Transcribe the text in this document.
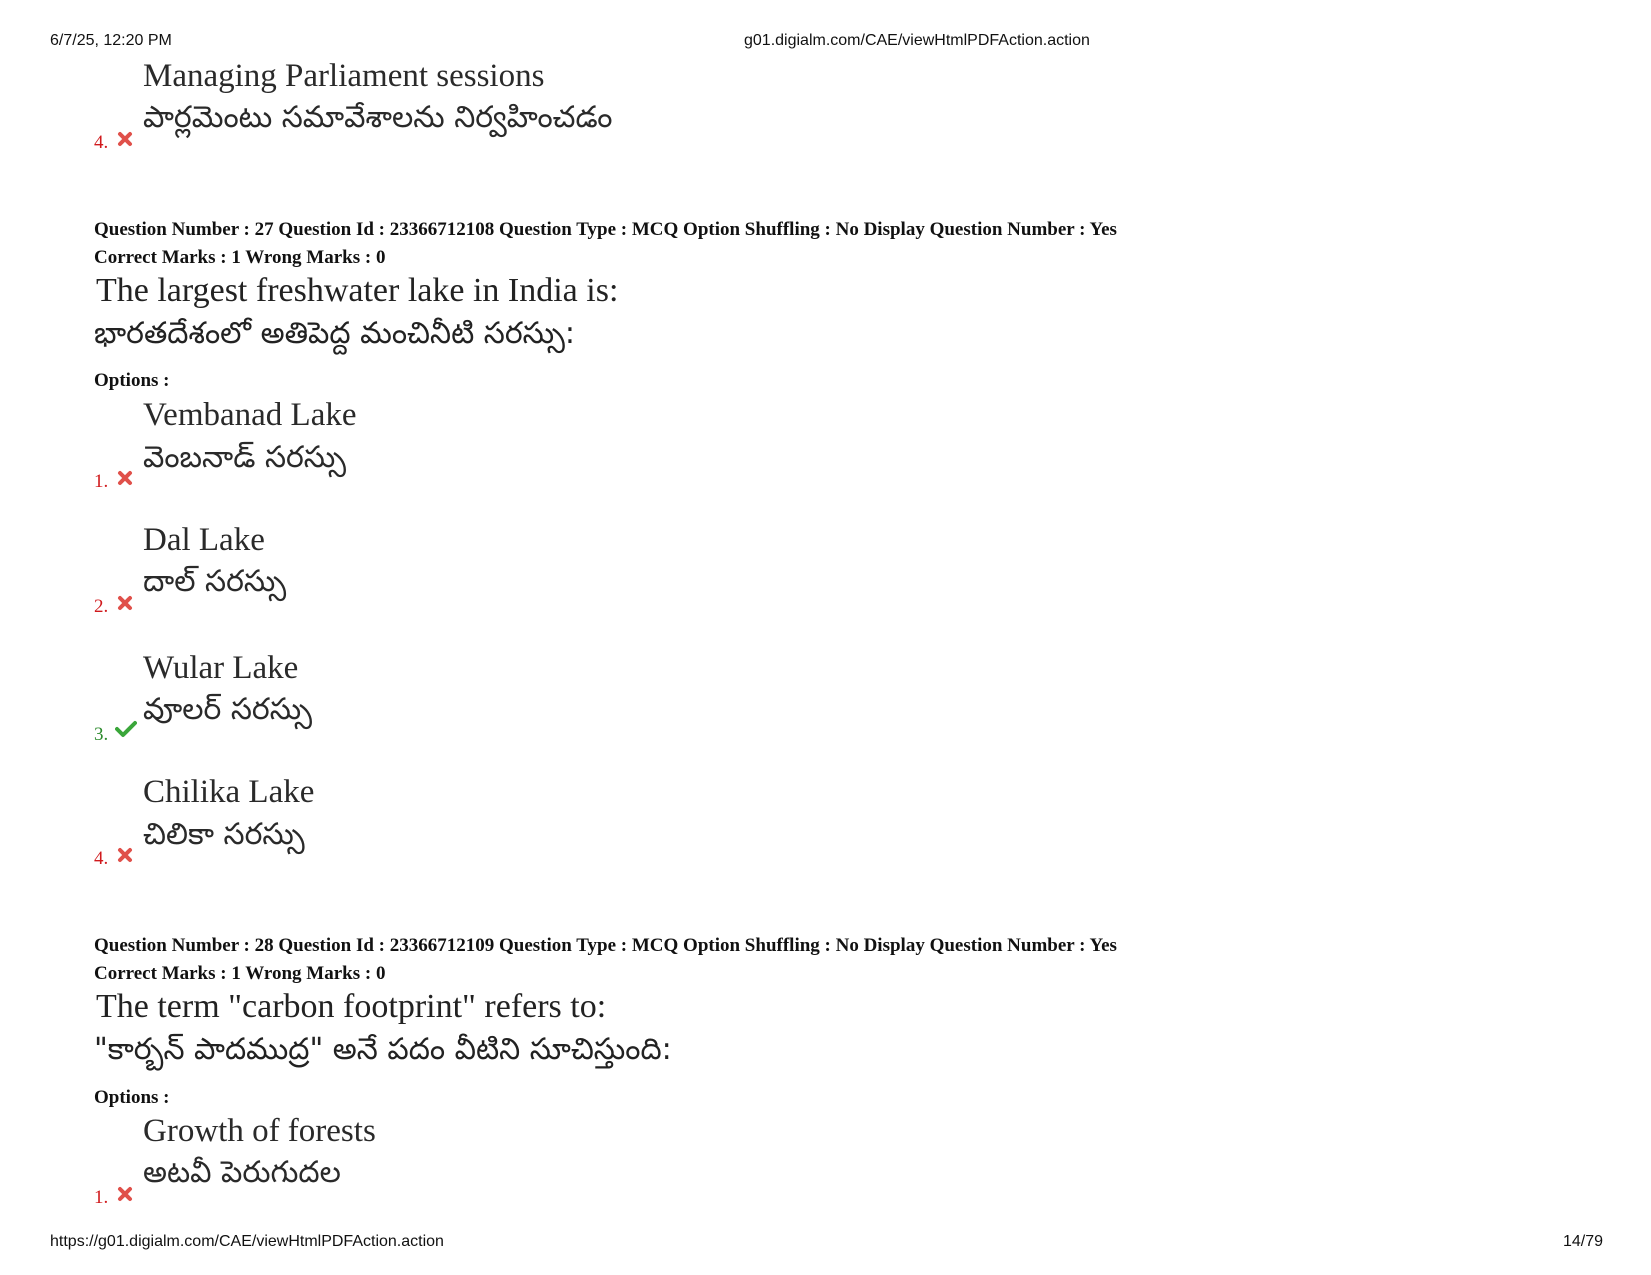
6/7/25, 12:20 PM	g01.digialm.com/CAE/viewHtmlPDFAction.action
Managing Parliament sessions
పార్లమెంటు సమావేశాలను నిర్వహించడం
4.
Question Number : 27 Question Id : 23366712108 Question Type : MCQ Option Shuffling : No Display Question Number : Yes
Correct Marks : 1 Wrong Marks : 0
The largest freshwater lake in India is:
భారతదేశంలో అతిపెద్ద మంచినీటి సరస్సు:
Options :
Vembanad Lake
వెంబనాడ్ సరస్సు
1.
Dal Lake
దాల్ సరస్సు
2.
Wular Lake
వూలర్ సరస్సు
3.
Chilika Lake
చిలికా సరస్సు
4.
Question Number : 28 Question Id : 23366712109 Question Type : MCQ Option Shuffling : No Display Question Number : Yes
Correct Marks : 1 Wrong Marks : 0
The term "carbon footprint" refers to:
"కార్బన్ పాదముద్ర" అనే పదం వీటిని సూచిస్తుంది:
Options :
Growth of forests
అటవీ పెరుగుదల
1.
https://g01.digialm.com/CAE/viewHtmlPDFAction.action	14/79
